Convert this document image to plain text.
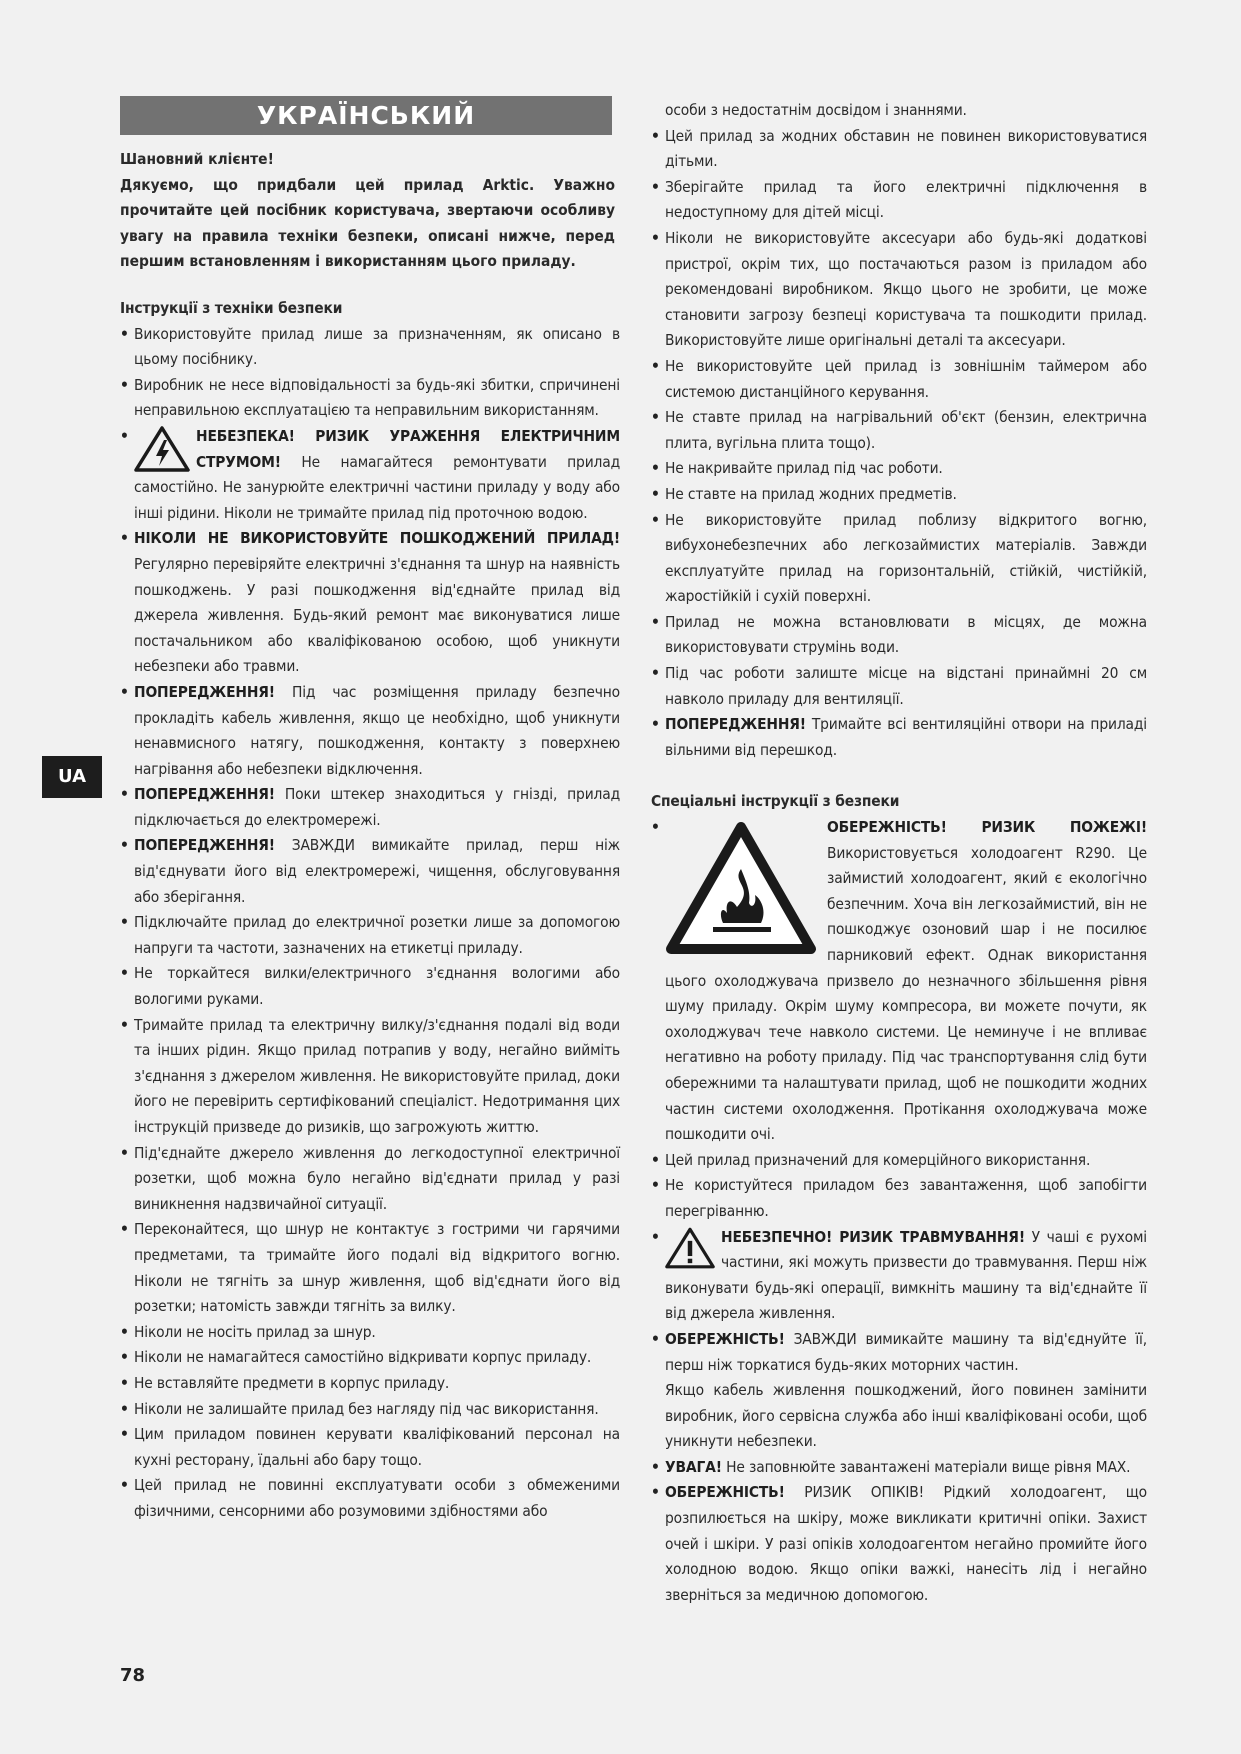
УКРАЇНСЬКИЙ

Шановний клієнте!

Дякуємо, що придбали цей прилад Arktic. Уважно прочитайте цей посібник користувача, звертаючи особливу увагу на правила техніки безпеки, описані нижче, перед першим встановленням і використанням цього приладу.

Інструкції з техніки безпеки

• Використовуйте прилад лише за призначенням, як описано в цьому посібнику.
• Виробник не несе відповідальності за будь-які збитки, спричинені неправильною експлуатацією та неправильним використанням.
• НЕБЕЗПЕКА! РИЗИК УРАЖЕННЯ ЕЛЕКТРИЧНИМ СТРУМОМ! Не намагайтеся ремонтувати прилад самостійно. Не занурюйте електричні частини приладу у воду або інші рідини. Ніколи не тримайте прилад під проточною водою.
• НІКОЛИ НЕ ВИКОРИСТОВУЙТЕ ПОШКОДЖЕНИЙ ПРИЛАД! Регулярно перевіряйте електричні з'єднання та шнур на наявність пошкоджень. У разі пошкодження від'єднайте прилад від джерела живлення. Будь-який ремонт має виконуватися лише постачальником або кваліфікованою особою, щоб уникнути небезпеки або травми.
• ПОПЕРЕДЖЕННЯ! Під час розміщення приладу безпечно прокладіть кабель живлення, якщо це необхідно, щоб уникнути ненавмисного натягу, пошкодження, контакту з поверхнею нагрівання або небезпеки відключення.
• ПОПЕРЕДЖЕННЯ! Поки штекер знаходиться у гнізді, прилад підключається до електромережі.
• ПОПЕРЕДЖЕННЯ! ЗАВЖДИ вимикайте прилад, перш ніж від'єднувати його від електромережі, чищення, обслуговування або зберігання.
• Підключайте прилад до електричної розетки лише за допомогою напруги та частоти, зазначених на етикетці приладу.
• Не торкайтеся вилки/електричного з'єднання вологими або вологими руками.
• Тримайте прилад та електричну вилку/з'єднання подалі від води та інших рідин. Якщо прилад потрапив у воду, негайно вийміть з'єднання з джерелом живлення. Не використовуйте прилад, доки його не перевірить сертифікований спеціаліст. Недотримання цих інструкцій призведе до ризиків, що загрожують життю.
• Під'єднайте джерело живлення до легкодоступної електричної розетки, щоб можна було негайно від'єднати прилад у разі виникнення надзвичайної ситуації.
• Переконайтеся, що шнур не контактує з гострими чи гарячими предметами, та тримайте його подалі від відкритого вогню. Ніколи не тягніть за шнур живлення, щоб від'єднати його від розетки; натомість завжди тягніть за вилку.
• Ніколи не носіть прилад за шнур.
• Ніколи не намагайтеся самостійно відкривати корпус приладу.
• Не вставляйте предмети в корпус приладу.
• Ніколи не залишайте прилад без нагляду під час використання.
• Цим приладом повинен керувати кваліфікований персонал на кухні ресторану, їдальні або бару тощо.
• Цей прилад не повинні експлуатувати особи з обмеженими фізичними, сенсорними або розумовими здібностями або
особи з недостатнім досвідом і знаннями.
• Цей прилад за жодних обставин не повинен використовуватися дітьми.
• Зберігайте прилад та його електричні підключення в недоступному для дітей місці.
• Ніколи не використовуйте аксесуари або будь-які додаткові пристрої, окрім тих, що постачаються разом із приладом або рекомендовані виробником. Якщо цього не зробити, це може становити загрозу безпеці користувача та пошкодити прилад. Використовуйте лише оригінальні деталі та аксесуари.
• Не використовуйте цей прилад із зовнішнім таймером або системою дистанційного керування.
• Не ставте прилад на нагрівальний об'єкт (бензин, електрична плита, вугільна плита тощо).
• Не накривайте прилад під час роботи.
• Не ставте на прилад жодних предметів.
• Не використовуйте прилад поблизу відкритого вогню, вибухонебезпечних або легкозаймистих матеріалів. Завжди експлуатуйте прилад на горизонтальній, стійкій, чистійкій, жаростійкій і сухій поверхні.
• Прилад не можна встановлювати в місцях, де можна використовувати струмінь води.
• Під час роботи залиште місце на відстані принаймні 20 см навколо приладу для вентиляції.
• ПОПЕРЕДЖЕННЯ! Тримайте всі вентиляційні отвори на приладі вільними від перешкод.

Спеціальні інструкції з безпеки

• ОБЕРЕЖНІСТЬ! РИЗИК ПОЖЕЖІ! Використовується холодоагент R290. Це займистий холодоагент, який є екологічно безпечним. Хоча він легкозаймистий, він не пошкоджує озоновий шар і не посилює парниковий ефект. Однак використання цього охолоджувача призвело до незначного збільшення рівня шуму приладу. Окрім шуму компресора, ви можете почути, як охолоджувач тече навколо системи. Це неминуче і не впливає негативно на роботу приладу. Під час транспортування слід бути обережними та налаштувати прилад, щоб не пошкодити жодних частин системи охолодження. Протікання охолоджувача може пошкодити очі.
• Цей прилад призначений для комерційного використання.
• Не користуйтеся приладом без завантаження, щоб запобігти перегріванню.
• НЕБЕЗПЕЧНО! РИЗИК ТРАВМУВАННЯ! У чаші є рухомі частини, які можуть призвести до травмування. Перш ніж виконувати будь-які операції, вимкніть машину та від'єднайте її від джерела живлення.
• ОБЕРЕЖНІСТЬ! ЗАВЖДИ вимикайте машину та від'єднуйте її, перш ніж торкатися будь-яких моторних частин.
Якщо кабель живлення пошкоджений, його повинен замінити виробник, його сервісна служба або інші кваліфіковані особи, щоб уникнути небезпеки.
• УВАГА! Не заповнюйте завантажені матеріали вище рівня MAX.
• ОБЕРЕЖНІСТЬ! РИЗИК ОПІКІВ! Рідкий холодоагент, що розпилюється на шкіру, може викликати критичні опіки. Захист очей і шкіри. У разі опіків холодоагентом негайно промийте його холодною водою. Якщо опіки важкі, нанесіть лід і негайно зверніться за медичною допомогою.
UA
78
